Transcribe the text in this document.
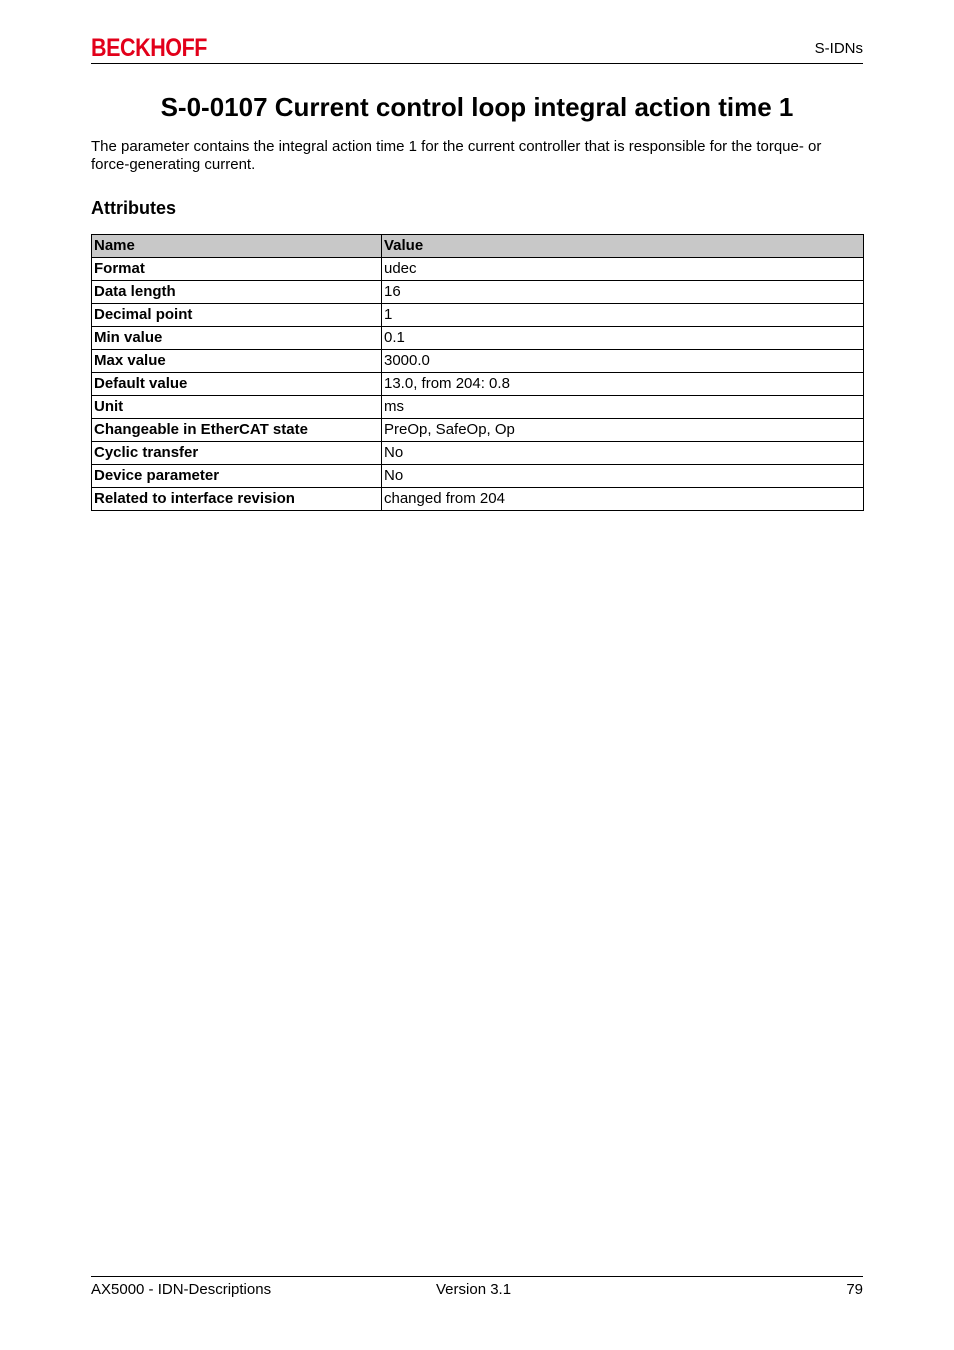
BECKHOFF	S-IDNs
S-0-0107 Current control loop integral action time 1

The parameter contains the integral action time 1 for the current controller that is responsible for the torque- or force-generating current.

Attributes
Name	Value
Format	udec
Data length	16
Decimal point	1
Min value	0.1
Max value	3000.0
Default value	13.0, from 204: 0.8
Unit	ms
Changeable in EtherCAT state	PreOp, SafeOp, Op
Cyclic transfer	No
Device parameter	No
Related to interface revision	changed from 204
AX5000 - IDN-Descriptions	Version 3.1	79
